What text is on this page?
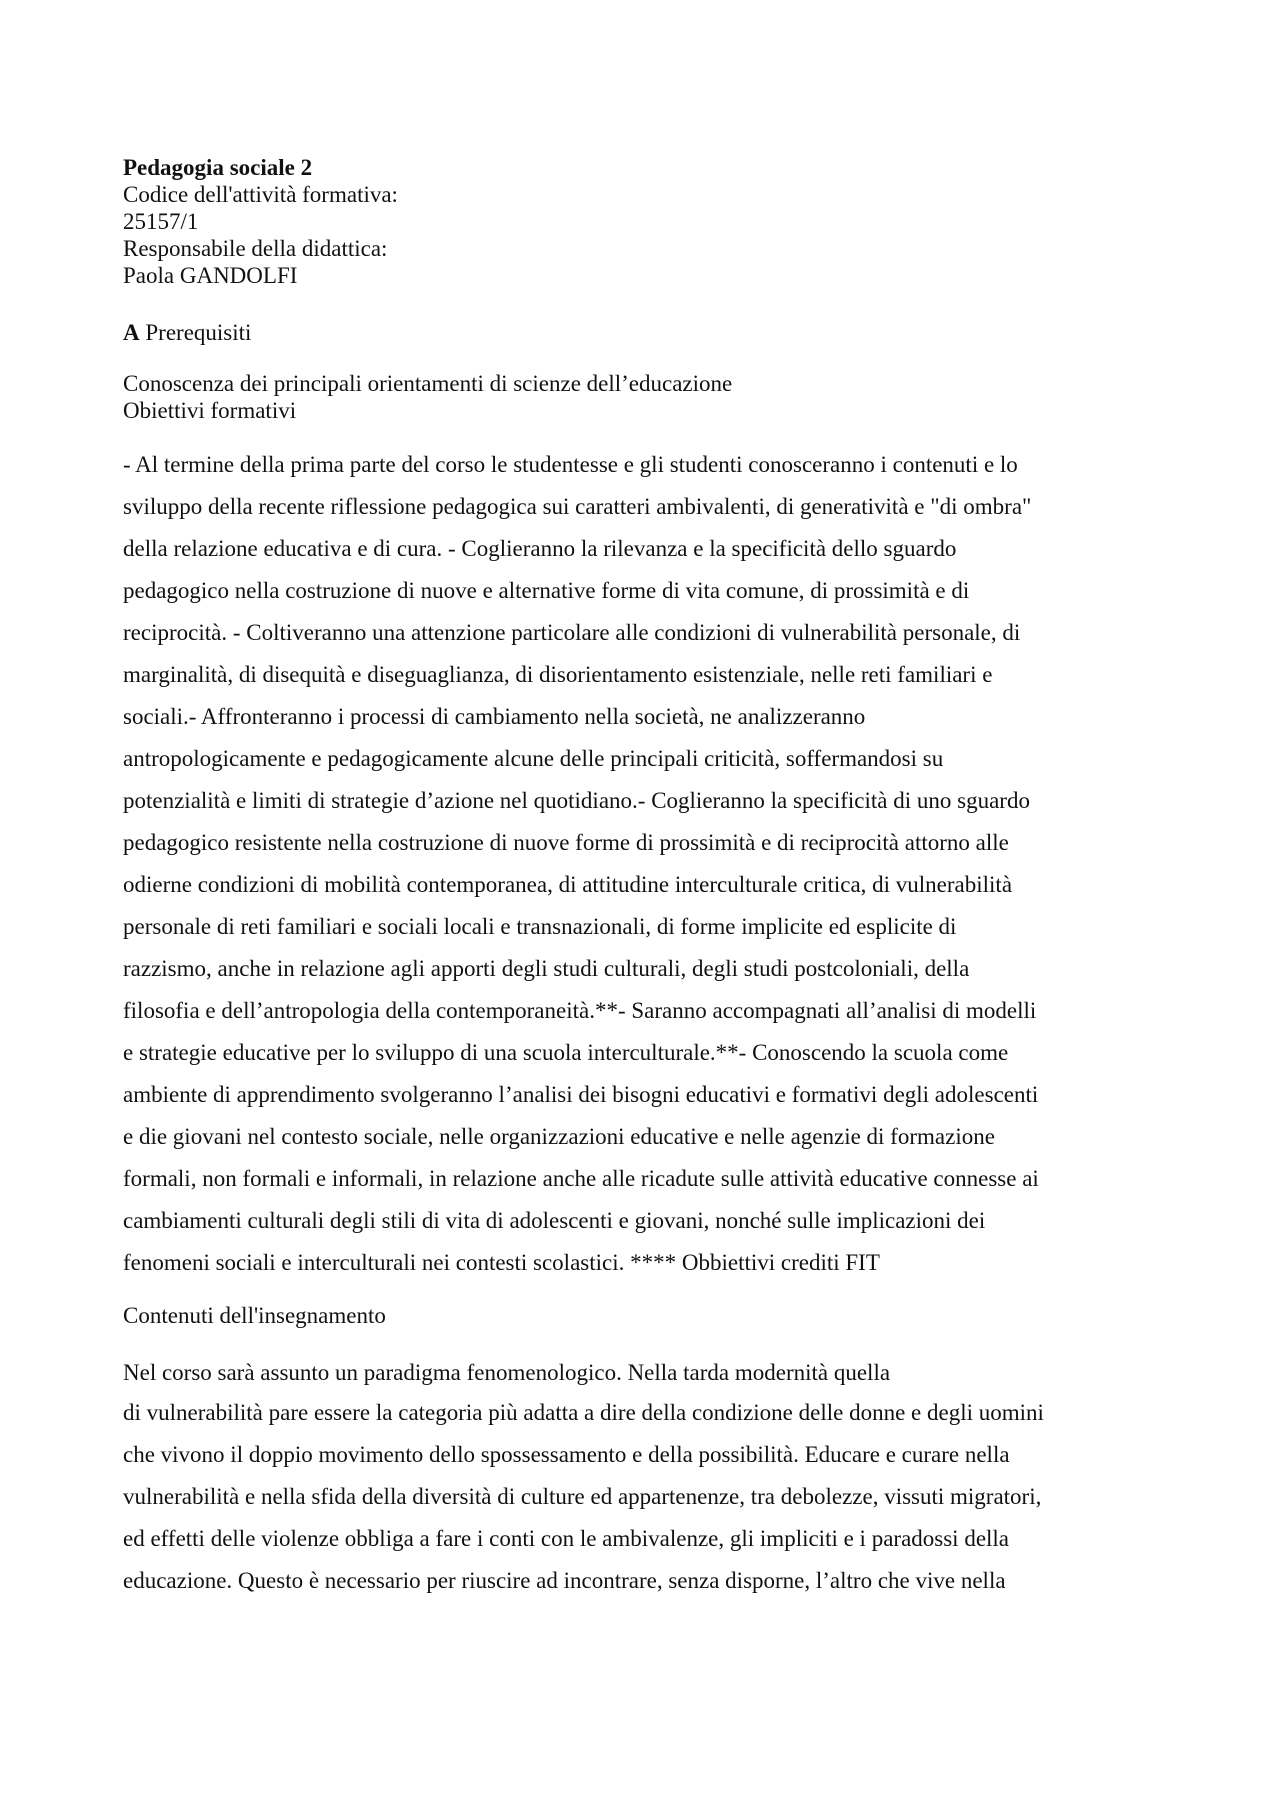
Pedagogia sociale 2

Codice dell'attività formativa:

25157/1

Responsabile della didattica:

Paola GANDOLFI

A Prerequisiti

Conoscenza dei principali orientamenti di scienze dell’educazione

Obiettivi formativi

- Al termine della prima parte del corso le studentesse e gli studenti conosceranno i contenuti e lo

sviluppo della recente riflessione pedagogica sui caratteri ambivalenti, di generatività e "di ombra"

della relazione educativa e di cura. - Coglieranno la rilevanza e la specificità dello sguardo

pedagogico nella costruzione di nuove e alternative forme di vita comune, di prossimità e di

reciprocità. - Coltiveranno una attenzione particolare alle condizioni di vulnerabilità personale, di

marginalità, di disequità e diseguaglianza, di disorientamento esistenziale, nelle reti familiari e

sociali.- Affronteranno i processi di cambiamento nella società, ne analizzeranno

antropologicamente e pedagogicamente alcune delle principali criticità, soffermandosi su

potenzialità e limiti di strategie d’azione nel quotidiano.- Coglieranno la specificità di uno sguardo

pedagogico resistente nella costruzione di nuove forme di prossimità e di reciprocità attorno alle

odierne condizioni di mobilità contemporanea, di attitudine interculturale critica, di vulnerabilità

personale di reti familiari e sociali locali e transnazionali, di forme implicite ed esplicite di

razzismo, anche in relazione agli apporti degli studi culturali, degli studi postcoloniali, della

filosofia e dell’antropologia della contemporaneità.**- Saranno accompagnati all’analisi di modelli

e strategie educative per lo sviluppo di una scuola interculturale.**- Conoscendo la scuola come

ambiente di apprendimento svolgeranno l’analisi dei bisogni educativi e formativi degli adolescenti

e die giovani nel contesto sociale, nelle organizzazioni educative e nelle agenzie di formazione

formali, non formali e informali, in relazione anche alle ricadute sulle attività educative connesse ai

cambiamenti culturali degli stili di vita di adolescenti e giovani, nonché sulle implicazioni dei

fenomeni sociali e interculturali nei contesti scolastici. **** Obbiettivi crediti FIT

Contenuti dell'insegnamento

Nel corso sarà assunto un paradigma fenomenologico. Nella tarda modernità quella

di vulnerabilità pare essere la categoria più adatta a dire della condizione delle donne e degli uomini

che vivono il doppio movimento dello spossessamento e della possibilità. Educare e curare nella

vulnerabilità e nella sfida della diversità di culture ed appartenenze, tra debolezze, vissuti migratori,

ed effetti delle violenze obbliga a fare i conti con le ambivalenze, gli impliciti e i paradossi della

educazione. Questo è necessario per riuscire ad incontrare, senza disporne, l’altro che vive nella
